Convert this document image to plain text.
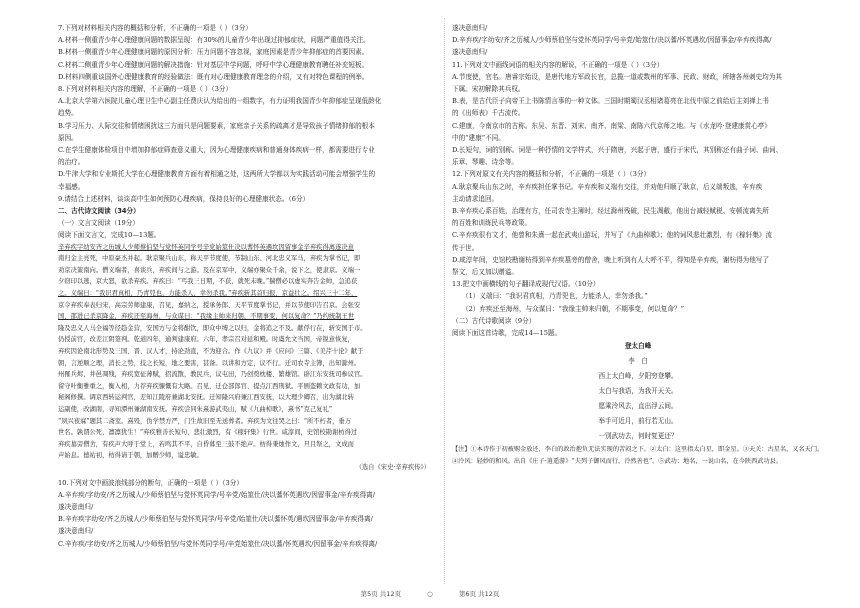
7.下列对材料相关内容的概括和分析，不正确的一项是（ ）（3分）
A.材料一侧重青少年心理健康问题的数据呈现：有30%的儿童青少年出现过抑郁症状，问题严重值得关注。
B.材料一侧重青少年心理健康问题的原因分析：压力问题不容忽视，家庭因素是青少年抑郁症的首要因素。
C.材料二侧重青少年心理健康问题的解决措施：针对基层中学问题，呼吁中学心理健康教育聘任补充短板。
D.材料四侧重谈国外心理健康教育的经验做法：既有对心理健康教育理念的介绍，又有对特色课程的例举。
8.下列对材料相关内容的理解，不正确的一项是（ ）（3分）
A.北京大学第六医院儿童心理卫生中心副主任费庆认为给出的一组数字，有力证明我国青少年抑郁症呈现低龄化
趋势。
B.学习压力、人际交往和情绪困扰这三方面只是问题要素，家庭亲子关系的疏离才是导致孩子情绪抑郁的根本
原因。
C.在学生健康体检项目中增加抑郁症筛查意义重大，因为心理健康疾病和普通身体疾病一样，都需要进行专业
的治疗。
D.牛津大学和专业斯托大学在心理健康教育方面有着相通之处，这两所大学都以为实践活动可能会增强学生的
幸福感。
9.请结合上述材料，谈谈高中生如何预防心理疾病，保持良好的心理健康状态。（6分）
二、古代诗文阅读（34分）
（一）文言文阅读（19分）
阅读下面文言文，完成10—13题。
辛弃疾字幼安齐之历城人少师蔡伯坚与党怀英同学号辛党始筮仕决以蓍怀英遇坎因留事金辛弃疾得离遂决意
南归金主亮死，中原豪杰并起。耿京聚兵山东，称天平节度使，节制山东、河北忠义军马，弃疾为掌书记，即
劝京决策南向。僧义端者，喜谈兵，弃疾间与之游。及在京军中，义端亦聚众千余，说下之，使隶京。义端一
夕窃印以逃，京大怒，欲杀弃疾。弃疾曰：“丐我三日期，不获，就死未晚。”揣僧必以虚实奔告金帅，急追获
之。义端曰：“我识君真相，乃青兕也，力能杀人，幸勿杀我。”弃疾斩其首归报，京益壮之。绍兴三十二年，
京令弃疾奉表归宋，高宗劳师建康，召见，嘉纳之，授承务郎、天平节度掌书记，并以节使印告召京。会张安
国、邵进已杀京降金，弃疾还至海州，与众谋曰：“我缘主帅来归朝，不期事变，何以复命？”乃约统制王世
隆及忠义人马全福等径趋金营，安国方与金将酣饮，即众中缚之以归，金将追之不及。献俘行在，斩安国于市。
仍授前官，改差江阴签判。乾道四年，通判建康府。六年，孝宗召对延和殿。时虞允文当国，帝锐意恢复，
弃疾因论南北形势及三国、晋、汉人才，持论劲直，不为迎合。作《九议》并《应问》三篇、《美芹十论》献于
朝，言逆顺之理，消长之势，技之长短，地之要害，甚备。以讲和方定，议不行。迁司农寺主簿，出知滁州。
州罹兵烬，井邑凋残，弃疾宽征薄赋，招流散，教民兵，议屯田，乃创奠枕楼、繁雄馆。辟江东安抚司参议官。
留守叶衡雅重之，衡入相，力荐弃疾慷慨有大略。召见，迁仓部郎官、提点江西刑狱。平剧盗赖文政有功，加
秘阁修撰。调京西转运判官，差知江陵府兼湖北安抚。迁知隆兴府兼江西安抚，以大理少卿召，出为湖北转
运副使，改湖南，寻知潭州兼湖南安抚。弃疾尝同朱熹游武夷山，赋《九曲棹歌》，熹书“克己复礼”
“夙兴夜寐”题其二斋室。熹殁，伪学禁方严，门生故旧至无送葬者。弃疾为文往哭之曰：“所不朽者，垂万
世名。孰谓公死，凛凛犹生！”弃疾雅善长短句，悲壮激烈，有《稼轩集》行世。咸淳间，史馆校勘谢枋得过
弃疾墓旁僧舍，有疾声大呼于堂上，若鸣其不平，自昏暮至三鼓不绝声。枋得秉烛作文，旦且祭之，文成而
声始息。德祐初，枋得请于朝，加赠少师，谥忠敏。
（选自《宋史·辛弃疾传》）
10.下列对文中画波浪线部分的断句，正确的一项是（ ）（3分）
A.辛弃疾/字幼安/齐之历城人/少师蔡伯坚与党怀英同学/号辛党/始筮仕/决以蓍怀英遇坎/因留事金/辛弃疾得离/
遂决意南归/
B.辛弃疾字幼安/齐之历城人/少师蔡伯坚与党怀英同学/号辛党/始筮仕/决以蓍怀英/遇坎因留事金/辛弃疾得离/
遂决意南归/
C.辛弃疾/字幼安/齐之历城人/少师蔡伯坚/与党怀英同学号/辛党始筮仕/决以蓍/怀英遇坎/因留事金/辛弃疾得离/
遂决意南归/
D.辛弃疾/字幼安/齐之历城人/少师蔡伯坚与党怀英同学/号辛党/始筮仕/决以蓍/怀英遇坎/因留事金/辛弃疾得离/
遂决意南归/
11.下列对文中画线词语的相关内容的解说，不正确的一项是（ ）（3分）
A.节度使，官名。唐睿宗始设，是唐代地方军政长官，总揽一道或数州的军事、民政、财政，所辖各州刺史均为其
下属。宋初解除其兵权。
B.表，是古代臣子向帝王上书陈情言事的一种文体。三国时期蜀汉丞相诸葛亮在北伐中原之前给后主刘禅上书
的《出师表》千古流传。
C.建康，今南京市的古称。东吴、东晋、刘宋、南齐、南梁、南陈六代京师之地。与《水龙吟·登建康赏心亭》
中的“建康”不同。
D.长短句，词的别称。词是一种抒情的文学样式，兴于隋唐，兴起于唐，盛行于宋代，其别称还有曲子词、曲词、
乐章、琴趣、诗余等。
12.下列对原文有关内容的概括和分析，不正确的一项是（ ）（3分）
A.耿京聚兵山东之时，辛弃疾担任掌书记。辛弃疾和义端有交往，并劝他归顺了耿京，后义端叛逃，辛弃疾
主动请求追回。
B.辛弃疾心系百姓，治理有方，任司农寺主簿时，经过滁州残破，民生凋敝，他出台减轻赋税、安顿流离失所
的百姓和训练民兵等政策。
C.辛弃疾很有文才，他曾和朱熹一起在武夷山游玩，并写了《九曲棹歌》；他的词风悲壮激烈，有《稼轩集》流
传于世。
D.咸淳年间，史馆校勘谢枋得到辛弃疾墓旁的僧舍，晚上听到有人大呼不平，得知是辛弃疾，谢枋得为他写了
祭文，后又加以赠谥。
13.把文中画横线的句子翻译成现代汉语。（10分）
（1）义端曰：“我识君真相，乃青兕也，力能杀人，幸勿杀我。”
（2）弃疾还至海州，与众谋曰：“我缘主帅来归朝，不期事变，何以复命？”
（二）古代诗歌阅读（9分）
阅读下面这首诗歌，完成14—15题。
登太白峰
李　白
西上太白峰，夕阳穷登攀。
太白与我语，为我开天关。
愿乘泠风去，直出浮云间。
举手可近月，前行若无山。
一别武功去，何时复更还？
【注】①本诗作于初被赐金放还，李白的政治抱负无法实现的苦闷之下。②太白：这里指太白星，即金星。③天关：古星名，又名天门。④泠风：轻妙的和风。出自《庄子·逍遥游》“夫列子御风而行，泠然善也”。⑤武功：地名，一说山名，在今陕西武功县。
第5页 共12页	○	第6页 共12页
